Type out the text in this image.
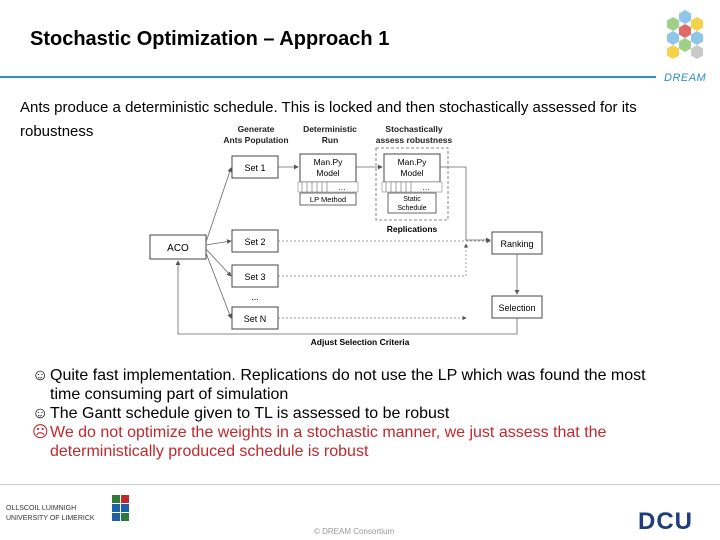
Stochastic Optimization – Approach 1
DREAM
Ants produce a deterministic schedule. This is locked and then stochastically assessed for its robustness	Generate
Ants Population
Deterministic
Run
Stochastically
assess robustness
ACO
Set 1
Set 2
Set 3
...
Set N
Man.Py
Model
…
LP Method
Man.Py
Model
…
Static
Schedule
Replications
Ranking
Selection
Adjust Selection Criteria
☺ Quite fast implementation. Replications do not use the LP which was found the most time consuming part of simulation
☺ The Gantt schedule given to TL is assessed to be robust
☹ We do not optimize the weights in a stochastic manner, we just assess that the deterministically produced schedule is robust
OLLSCOIL LUIMNIGH
UNIVERSITY OF LIMERICK
© DREAM Consortium	DCU
